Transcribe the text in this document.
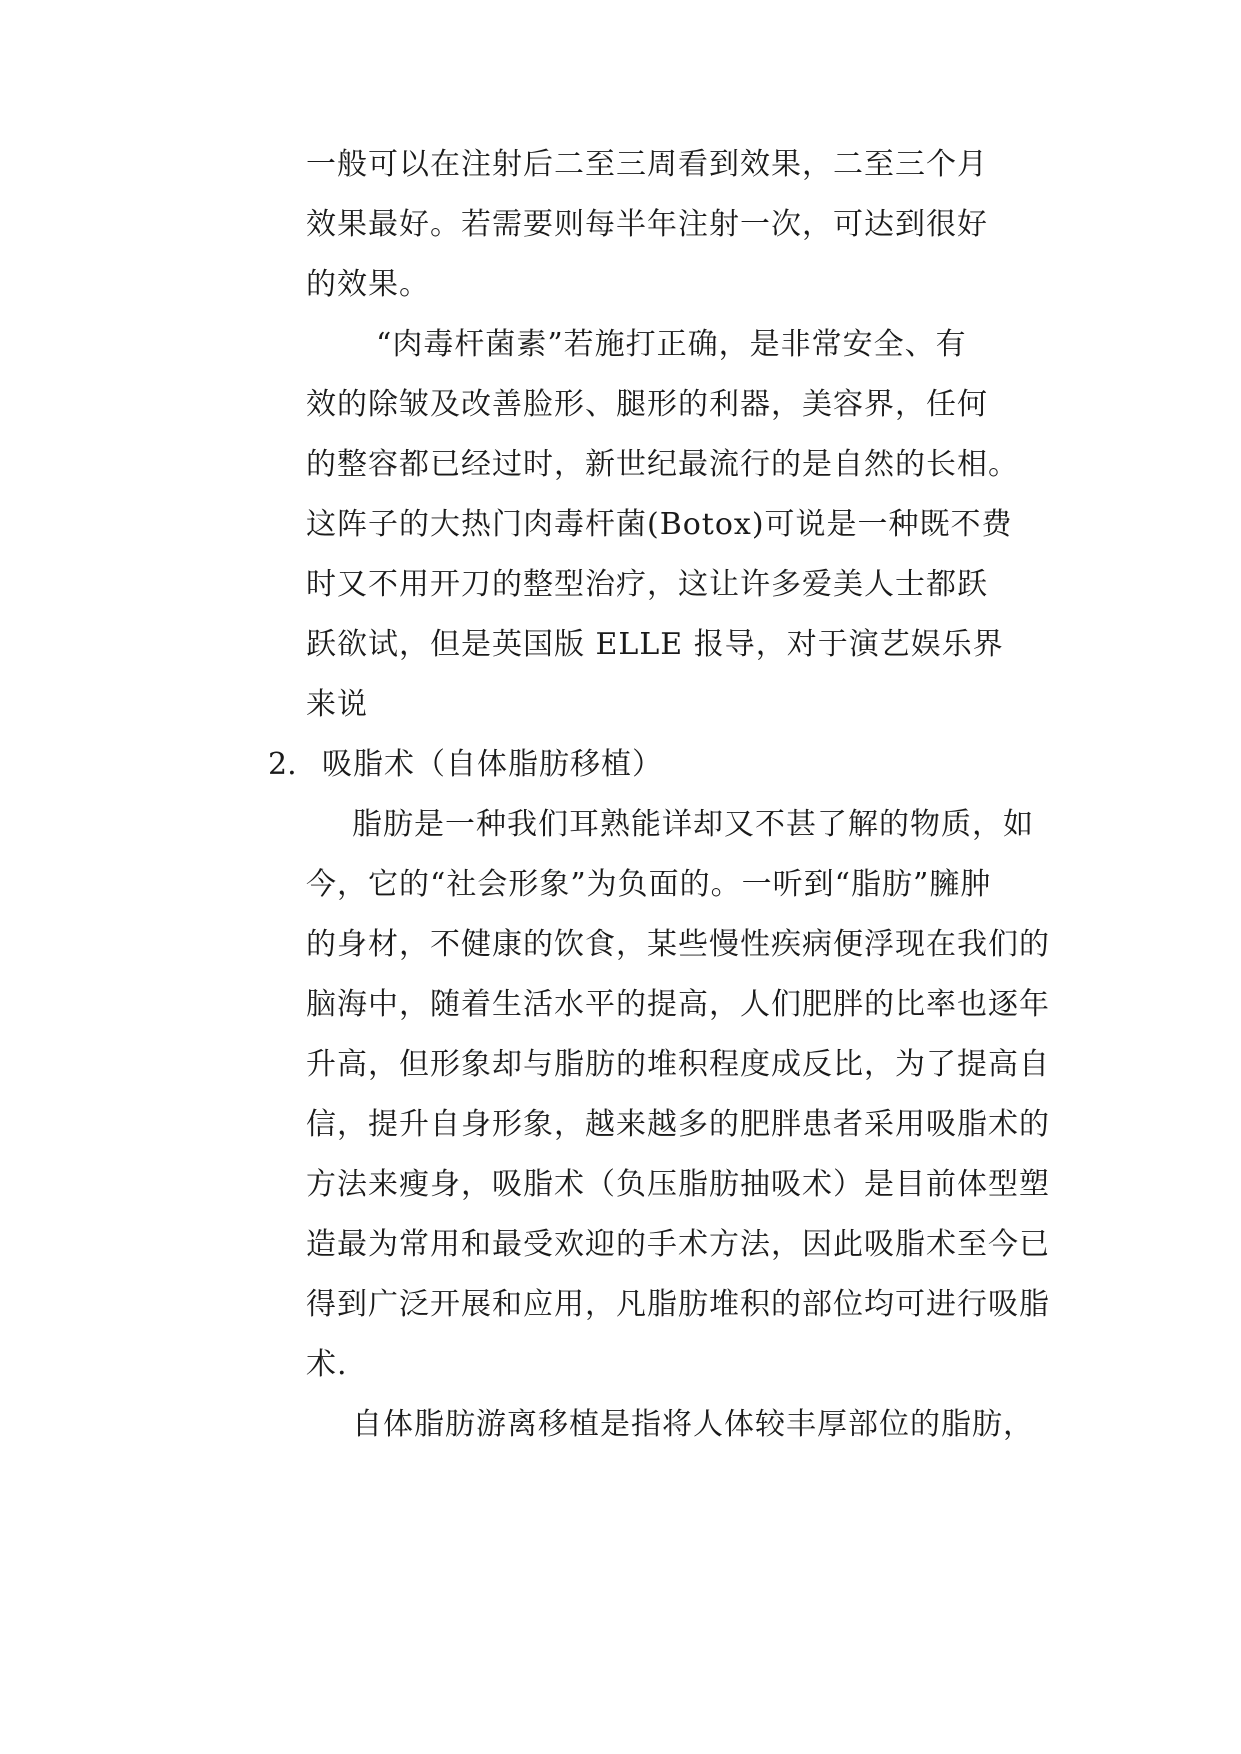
一般可以在注射后二至三周看到效果，二至三个月
效果最好。若需要则每半年注射一次，可达到很好
的效果。
“肉毒杆菌素”若施打正确，是非常安全、有
效的除皱及改善脸形、腿形的利器，美容界，任何
的整容都已经过时，新世纪最流行的是自然的长相。
这阵子的大热门肉毒杆菌(Botox)可说是一种既不费
时又不用开刀的整型治疗，这让许多爱美人士都跃
跃欲试，但是英国版 ELLE 报导，对于演艺娱乐界
来说
2. 吸脂术（自体脂肪移植）
脂肪是一种我们耳熟能详却又不甚了解的物质，如
今，它的“社会形象”为负面的。一听到“脂肪”臃肿
的身材，不健康的饮食，某些慢性疾病便浮现在我们的
脑海中，随着生活水平的提高，人们肥胖的比率也逐年
升高，但形象却与脂肪的堆积程度成反比，为了提高自
信，提升自身形象，越来越多的肥胖患者采用吸脂术的
方法来瘦身，吸脂术（负压脂肪抽吸术）是目前体型塑
造最为常用和最受欢迎的手术方法，因此吸脂术至今已
得到广泛开展和应用，凡脂肪堆积的部位均可进行吸脂
术.
自体脂肪游离移植是指将人体较丰厚部位的脂肪，
